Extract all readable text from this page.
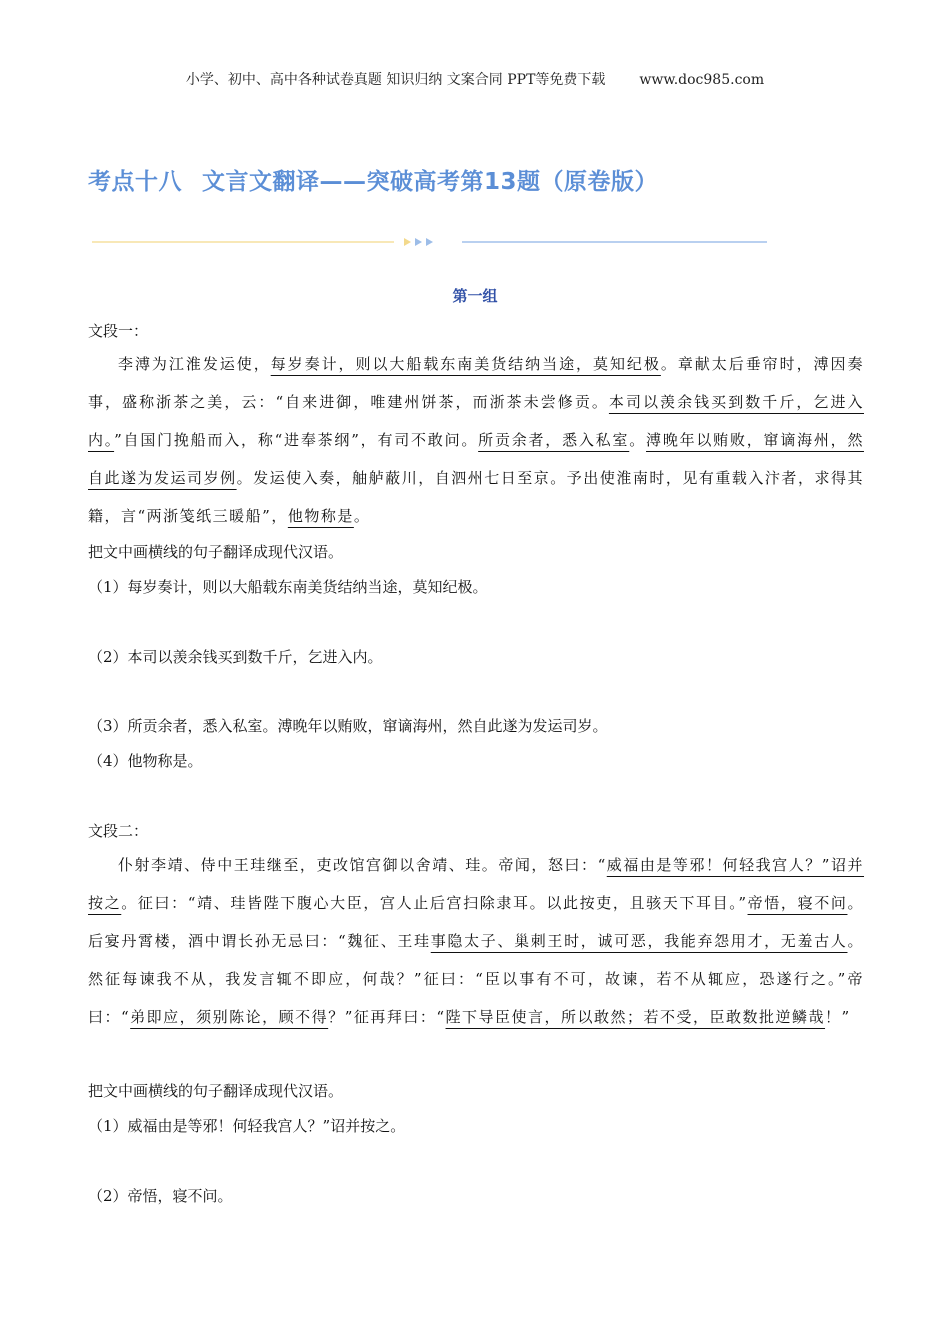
小学、初中、高中各种试卷真题 知识归纳 文案合同 PPT等免费下载 www.doc985.com
考点十八 文言文翻译——突破高考第13题（原卷版）
第一组
文段一：
李溥为江淮发运使，每岁奏计，则以大船载东南美货结纳当途，莫知纪极。章献太后垂帘时，溥因奏事，盛称浙茶之美，云：“自来进御，唯建州饼茶，而浙茶未尝修贡。本司以羡余钱买到数千斤，乞进入内。”自国门挽船而入，称“进奉茶纲”，有司不敢问。所贡余者，悉入私室。溥晚年以贿败，窜谪海州，然自此遂为发运司岁例。发运使入奏，舳舻蔽川，自泗州七日至京。予出使淮南时，见有重载入汴者，求得其籍，言“两浙笺纸三暖船”，他物称是。
把文中画横线的句子翻译成现代汉语。
（1）每岁奏计，则以大船载东南美货结纳当途，莫知纪极。
（2）本司以羡余钱买到数千斤，乞进入内。
（3）所贡余者，悉入私室。溥晚年以贿败，窜谪海州，然自此遂为发运司岁。
（4）他物称是。
文段二：
仆射李靖、侍中王珪继至，吏改馆宫御以舍靖、珪。帝闻，怒曰：“威福由是等邪！何轻我宫人？”诏并按之。征曰：“靖、珪皆陛下腹心大臣，宫人止后宫扫除隶耳。以此按吏，且骇天下耳目。”帝悟，寝不问。后宴丹霄楼，酒中谓长孙无忌曰：“魏征、王珪事隐太子、巢刺王时，诚可恶，我能弃怨用才，无羞古人。然征每谏我不从，我发言辄不即应，何哉？”征曰：“臣以事有不可，故谏，若不从辄应，恐遂行之。”帝曰：“弟即应，须别陈论，顾不得？”征再拜曰：“陛下导臣使言，所以敢然；若不受，臣敢数批逆鳞哉！”
把文中画横线的句子翻译成现代汉语。
（1）威福由是等邪！何轻我宫人？”诏并按之。
（2）帝悟，寝不问。
